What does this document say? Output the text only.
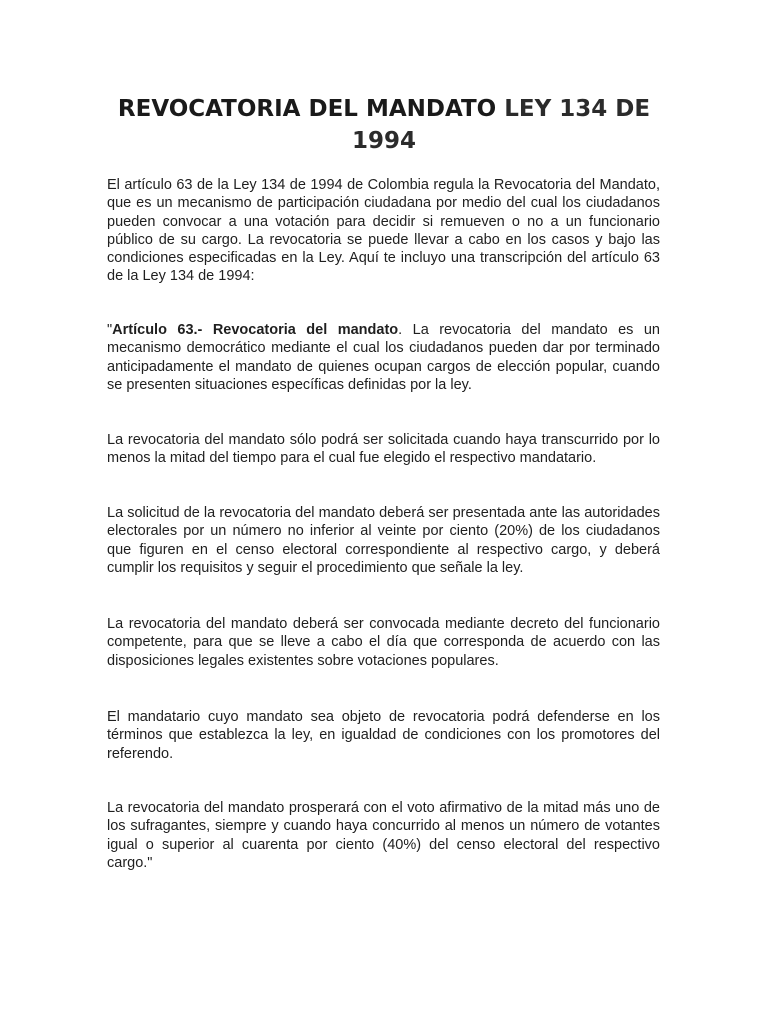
REVOCATORIA DEL MANDATO LEY 134 DE 1994

El artículo 63 de la Ley 134 de 1994 de Colombia regula la Revocatoria del Mandato, que es un mecanismo de participación ciudadana por medio del cual los ciudadanos pueden convocar a una votación para decidir si remueven o no a un funcionario público de su cargo. La revocatoria se puede llevar a cabo en los casos y bajo las condiciones especificadas en la Ley. Aquí te incluyo una transcripción del artículo 63 de la Ley 134 de 1994:

"Artículo 63.- Revocatoria del mandato. La revocatoria del mandato es un mecanismo democrático mediante el cual los ciudadanos pueden dar por terminado anticipadamente el mandato de quienes ocupan cargos de elección popular, cuando se presenten situaciones específicas definidas por la ley.

La revocatoria del mandato sólo podrá ser solicitada cuando haya transcurrido por lo menos la mitad del tiempo para el cual fue elegido el respectivo mandatario.

La solicitud de la revocatoria del mandato deberá ser presentada ante las autoridades electorales por un número no inferior al veinte por ciento (20%) de los ciudadanos que figuren en el censo electoral correspondiente al respectivo cargo, y deberá cumplir los requisitos y seguir el procedimiento que señale la ley.

La revocatoria del mandato deberá ser convocada mediante decreto del funcionario competente, para que se lleve a cabo el día que corresponda de acuerdo con las disposiciones legales existentes sobre votaciones populares.

El mandatario cuyo mandato sea objeto de revocatoria podrá defenderse en los términos que establezca la ley, en igualdad de condiciones con los promotores del referendo.

La revocatoria del mandato prosperará con el voto afirmativo de la mitad más uno de los sufragantes, siempre y cuando haya concurrido al menos un número de votantes igual o superior al cuarenta por ciento (40%) del censo electoral del respectivo cargo."
